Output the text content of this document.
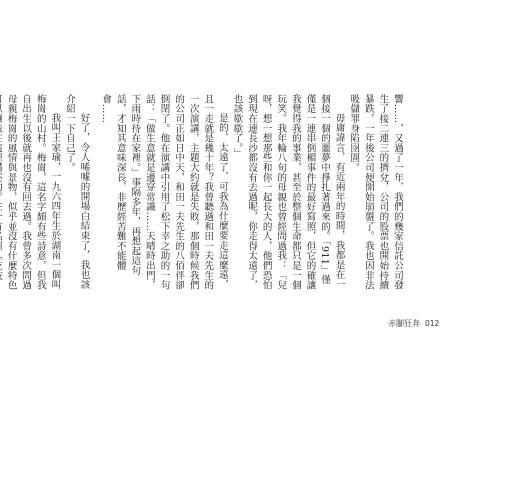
響……，又過了一年，我們的幾家信託公司發生了接二連三的擠兌，公司的股票也開始持續暴跌，一年後公司便開始崩盤了。我也因非法吸儲罪身陷囹圄。

毋庸諱言，有近兩年的時間，我都是在一個接一個的噩夢中掙扎著過來的。「911」僅僅是一連串倒楣事件的最好寫照，但它的確讓我覺得我的事業，甚至於整個生命都只是一個玩笑。我年輪八旬的母親也曾經問過我：「兒呀，想一想那些和你一起長大的人，他們恐怕到現在連長沙都沒有去過呢，你走得太遠了，也該歇歇了。」

是的，太遠了，可我為什麼要走這麼遠，且一走就是幾十年？我曾聽過和田一夫先生的一次演講，主題大約就是失敗，那個時候我們的公司正如日中天，和田一夫先生的八佰伴卻倒閉了。他在演講中引用了松下幸之助的一句話：「做生意就是邊穿常識……天晴時出門，下雨時待在家裡。」事隔多年，再想起這句話，才知其意味深長，非歷經苦難不能體會……

好了，令人唏噓的開場白結束了，我也該介紹一下自己了。

我叫王家瑜，一九六四年生於湖南一個叫梅崗的山村。梅崗，這名字頗有些詩意，但我自出生以後就再也沒有回去過。我曾多次問過母親梅崗的風情與景物，似乎並沒有什麼特色

赤腳狂奔 012
